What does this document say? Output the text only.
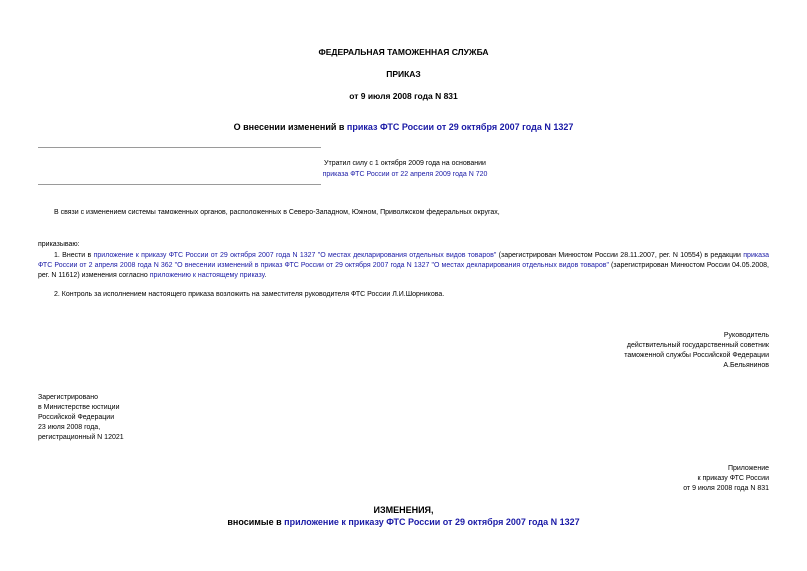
ФЕДЕРАЛЬНАЯ ТАМОЖЕННАЯ СЛУЖБА
ПРИКАЗ
от 9 июля 2008 года N 831
О внесении изменений в приказ ФТС России от 29 октября 2007 года N 1327
Утратил силу с 1 октября 2009 года на основании
приказа ФТС России от 22 апреля 2009 года N 720
В связи с изменением системы таможенных органов, расположенных в Северо-Западном, Южном, Приволжском федеральных округах,
приказываю:
1. Внести в приложение к приказу ФТС России от 29 октября 2007 года N 1327 "О местах декларирования отдельных видов товаров" (зарегистрирован Минюстом России 28.11.2007, рег. N 10554) в редакции приказа ФТС России от 2 апреля 2008 года N 362 "О внесении изменений в приказ ФТС России от 29 октября 2007 года N 1327 "О местах декларирования отдельных видов товаров" (зарегистрирован Минюстом России 04.05.2008, рег. N 11612) изменения согласно приложению к настоящему приказу.
2. Контроль за исполнением настоящего приказа возложить на заместителя руководителя ФТС России Л.И.Шорникова.
Руководитель
действительный государственный советник
таможенной службы Российской Федерации
А.Бельянинов
Зарегистрировано
в Министерстве юстиции
Российской Федерации
23 июля 2008 года,
регистрационный N 12021
Приложение
к приказу ФТС России
от 9 июля 2008 года N 831
ИЗМЕНЕНИЯ,
вносимые в приложение к приказу ФТС России от 29 октября 2007 года N 1327
